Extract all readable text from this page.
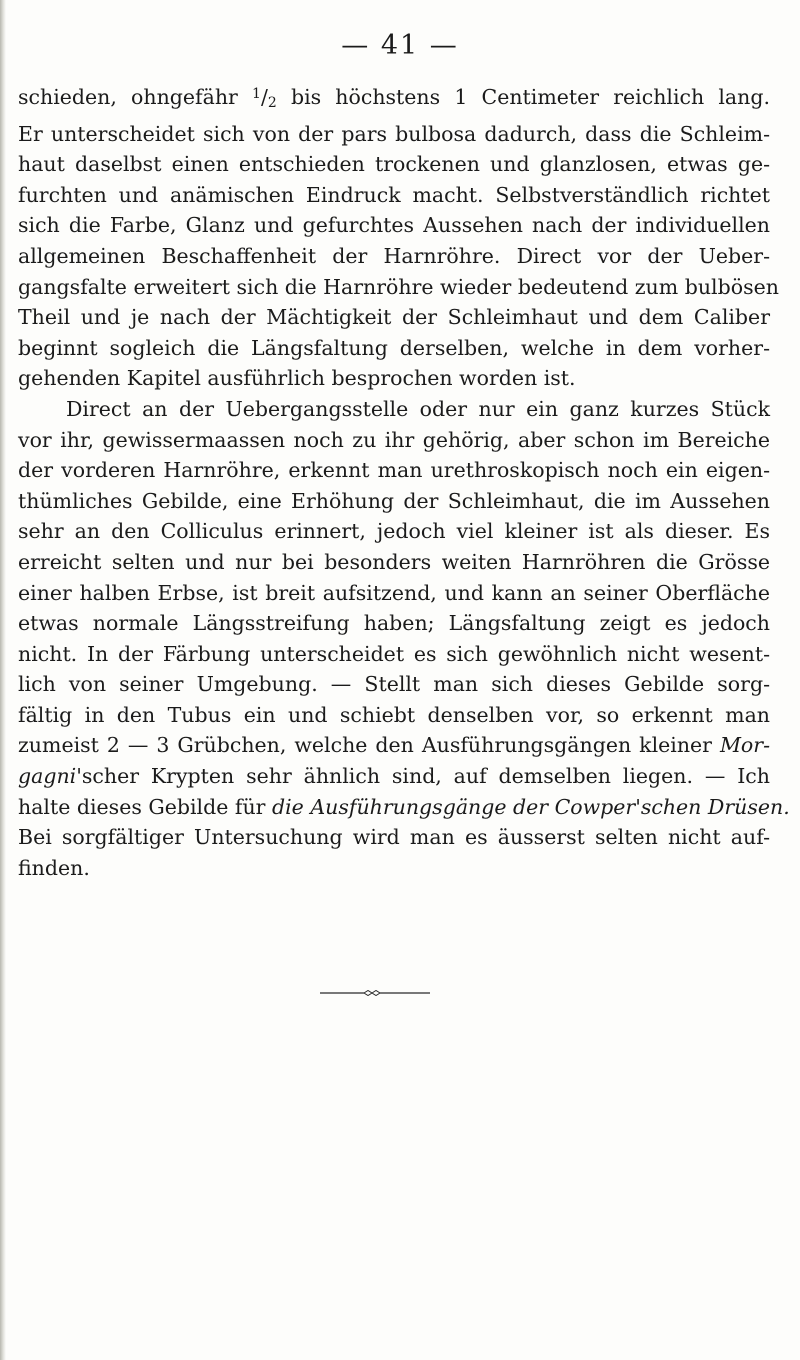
— 41 —
schieden, ohngefähr $^1$/2 bis höchstens 1 Centimeter reichlich lang.
Er unterscheidet sich von der pars bulbosa dadurch, dass die Schleim-
haut daselbst einen entschieden trockenen und glanzlosen, etwas ge-
furchten und anämischen Eindruck macht. Selbstverständlich richtet
sich die Farbe, Glanz und gefurchtes Aussehen nach der individuellen
allgemeinen Beschaffenheit der Harnröhre. Direct vor der Ueber-
gangsfalte erweitert sich die Harnröhre wieder bedeutend zum bulbösen
Theil und je nach der Mächtigkeit der Schleimhaut und dem Caliber
beginnt sogleich die Längsfaltung derselben, welche in dem vorher-
gehenden Kapitel ausführlich besprochen worden ist.
Direct an der Uebergangsstelle oder nur ein ganz kurzes Stück
vor ihr, gewissermaassen noch zu ihr gehörig, aber schon im Bereiche
der vorderen Harnröhre, erkennt man urethroskopisch noch ein eigen-
thümliches Gebilde, eine Erhöhung der Schleimhaut, die im Aussehen
sehr an den Colliculus erinnert, jedoch viel kleiner ist als dieser. Es
erreicht selten und nur bei besonders weiten Harnröhren die Grösse
einer halben Erbse, ist breit aufsitzend, und kann an seiner Oberfläche
etwas normale Längsstreifung haben; Längsfaltung zeigt es jedoch
nicht. In der Färbung unterscheidet es sich gewöhnlich nicht wesent-
lich von seiner Umgebung. — Stellt man sich dieses Gebilde sorg-
fältig in den Tubus ein und schiebt denselben vor, so erkennt man
zumeist 2 — 3 Grübchen, welche den Ausführungsgängen kleiner Mor-
gagni'scher Krypten sehr ähnlich sind, auf demselben liegen. — Ich
halte dieses Gebilde für die Ausführungsgänge der Cowper'schen Drüsen.
Bei sorgfältiger Untersuchung wird man es äusserst selten nicht auf-
finden.
